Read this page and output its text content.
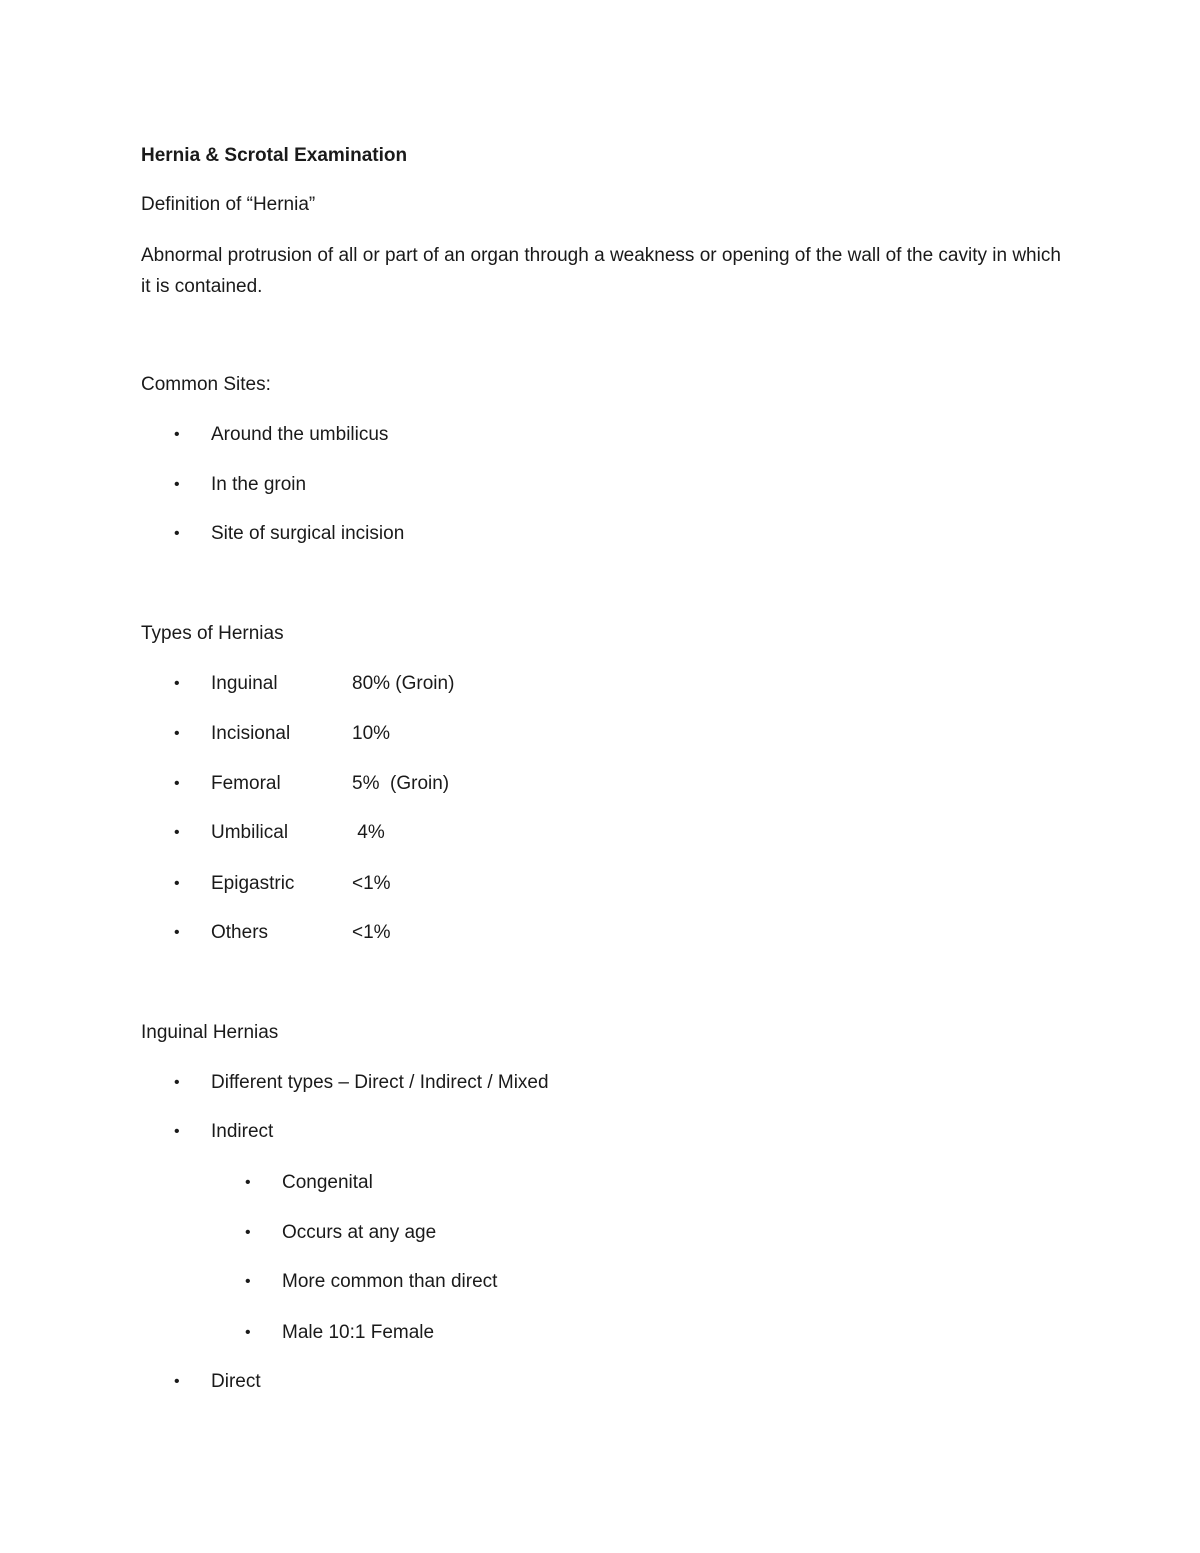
Hernia & Scrotal Examination
Definition of “Hernia”
Abnormal protrusion of all or part of an organ through a weakness or opening of the wall of the cavity in which it is contained.
Common Sites:
• Around the umbilicus
• In the groin
• Site of surgical incision
Types of Hernias
• Inguinal	80% (Groin)
• Incisional	10%
• Femoral	5%  (Groin)
• Umbilical	4%
• Epigastric	<1%
• Others	<1%
Inguinal Hernias
• Different types – Direct / Indirect / Mixed
• Indirect
• Congenital
• Occurs at any age
• More common than direct
• Male 10:1 Female
• Direct
